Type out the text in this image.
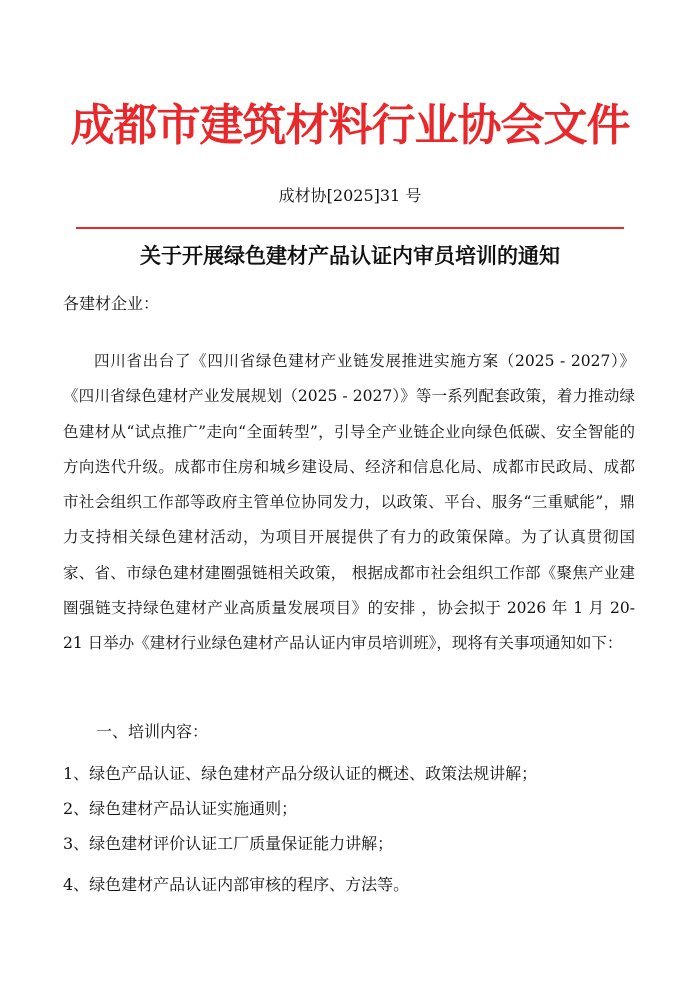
成都市建筑材料行业协会文件
成材协[2025]31 号
关于开展绿色建材产品认证内审员培训的通知
各建材企业：
四川省出台了《四川省绿色建材产业链发展推进实施方案（2025 - 2027）》《四川省绿色建材产业发展规划（2025 - 2027）》等一系列配套政策，着力推动绿色建材从“试点推广”走向“全面转型”，引导全产业链企业向绿色低碳、安全智能的方向迭代升级。成都市住房和城乡建设局、经济和信息化局、成都市民政局、成都市社会组织工作部等政府主管单位协同发力，以政策、平台、服务“三重赋能”，鼎力支持相关绿色建材活动，为项目开展提供了有力的政策保障。为了认真贯彻国家、省、市绿色建材建圈强链相关政策， 根据成都市社会组织工作部《聚焦产业建圈强链支持绿色建材产业高质量发展项目》的安排 ，协会拟于 2026 年 1 月 20-21 日举办《建材行业绿色建材产品认证内审员培训班》，现将有关事项通知如下：
一、培训内容：
1、绿色产品认证、绿色建材产品分级认证的概述、政策法规讲解；
2、绿色建材产品认证实施通则；
3、绿色建材评价认证工厂质量保证能力讲解；
4、绿色建材产品认证内部审核的程序、方法等。
